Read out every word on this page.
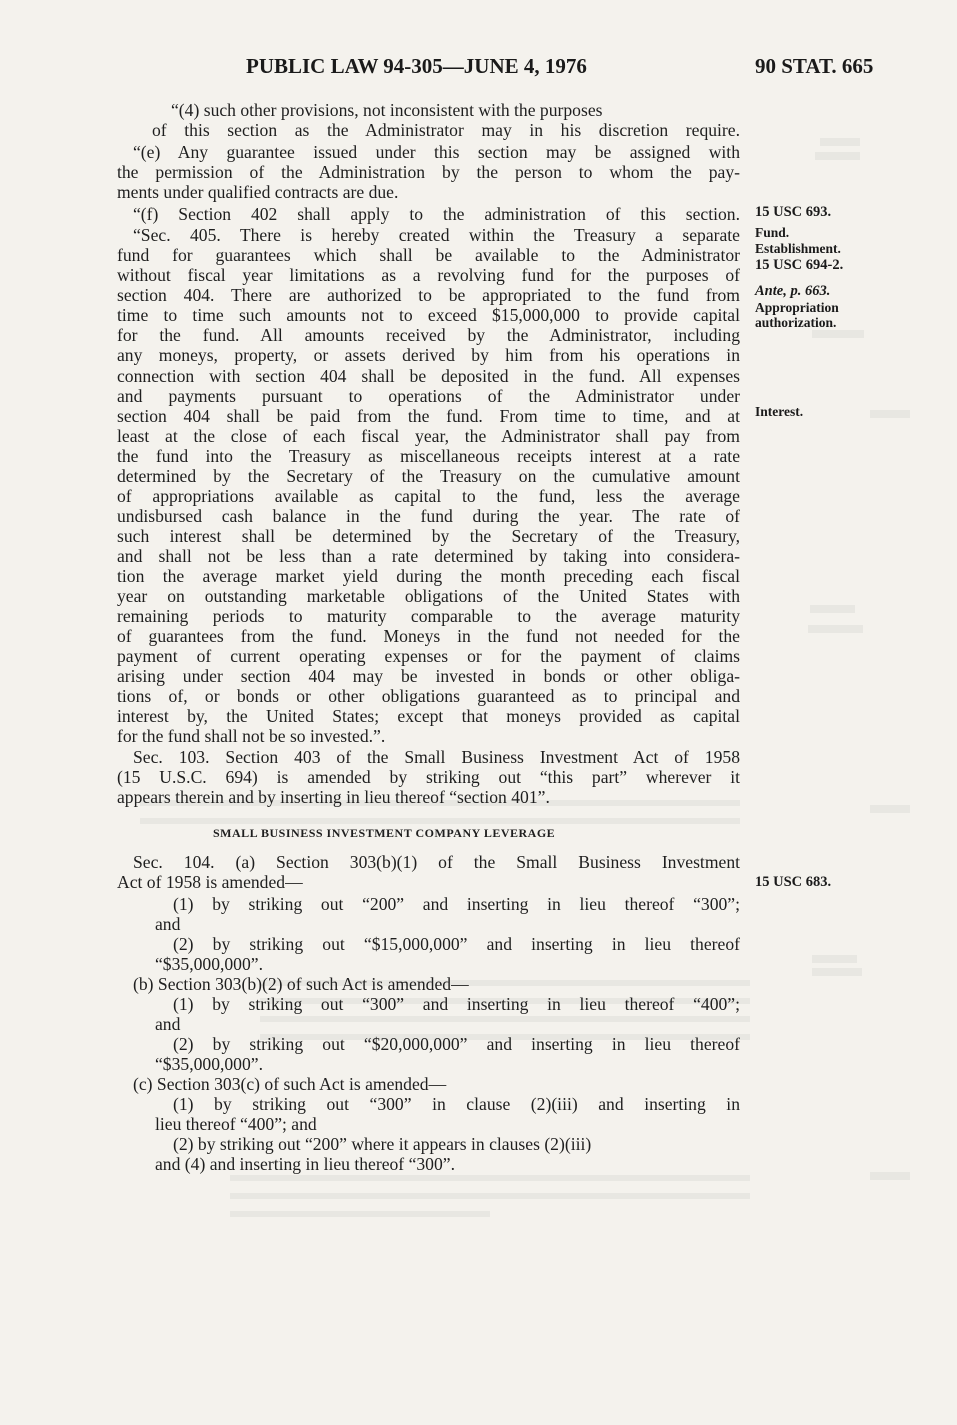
PUBLIC LAW 94-305—JUNE 4, 1976	90 STAT. 665
“(4) such other provisions, not inconsistent with the purposes
of this section as the Administrator may in his discretion require.
“(e) Any guarantee issued under this section may be assigned with
the permission of the Administration by the person to whom the pay-
ments under qualified contracts are due.
“(f) Section 402 shall apply to the administration of this section.
“Sec. 405. There is hereby created within the Treasury a separate
fund for guarantees which shall be available to the Administrator
without fiscal year limitations as a revolving fund for the purposes of
section 404. There are authorized to be appropriated to the fund from
time to time such amounts not to exceed $15,000,000 to provide capital
for the fund. All amounts received by the Administrator, including
any moneys, property, or assets derived by him from his operations in
connection with section 404 shall be deposited in the fund. All expenses
and payments pursuant to operations of the Administrator under
section 404 shall be paid from the fund. From time to time, and at
least at the close of each fiscal year, the Administrator shall pay from
the fund into the Treasury as miscellaneous receipts interest at a rate
determined by the Secretary of the Treasury on the cumulative amount
of appropriations available as capital to the fund, less the average
undisbursed cash balance in the fund during the year. The rate of
such interest shall be determined by the Secretary of the Treasury,
and shall not be less than a rate determined by taking into considera-
tion the average market yield during the month preceding each fiscal
year on outstanding marketable obligations of the United States with
remaining periods to maturity comparable to the average maturity
of guarantees from the fund. Moneys in the fund not needed for the
payment of current operating expenses or for the payment of claims
arising under section 404 may be invested in bonds or other obliga-
tions of, or bonds or other obligations guaranteed as to principal and
interest by, the United States; except that moneys provided as capital
for the fund shall not be so invested.”.
Sec. 103. Section 403 of the Small Business Investment Act of 1958
(15 U.S.C. 694) is amended by striking out “this part” wherever it
appears therein and by inserting in lieu thereof “section 401”.
SMALL BUSINESS INVESTMENT COMPANY LEVERAGE
Sec. 104. (a) Section 303(b)(1) of the Small Business Investment
Act of 1958 is amended—
(1) by striking out “200” and inserting in lieu thereof “300”;
and
(2) by striking out “$15,000,000” and inserting in lieu thereof
“$35,000,000”.
(b) Section 303(b)(2) of such Act is amended—
(1) by striking out “300” and inserting in lieu thereof “400”;
and
(2) by striking out “$20,000,000” and inserting in lieu thereof
“$35,000,000”.
(c) Section 303(c) of such Act is amended—
(1) by striking out “300” in clause (2)(iii) and inserting in
lieu thereof “400”; and
(2) by striking out “200” where it appears in clauses (2)(iii)
and (4) and inserting in lieu thereof “300”.
15 USC 693.
Fund.
Establishment.
15 USC 694-2.
Ante, p. 663.
Appropriation
authorization.
Interest.
15 USC 683.
